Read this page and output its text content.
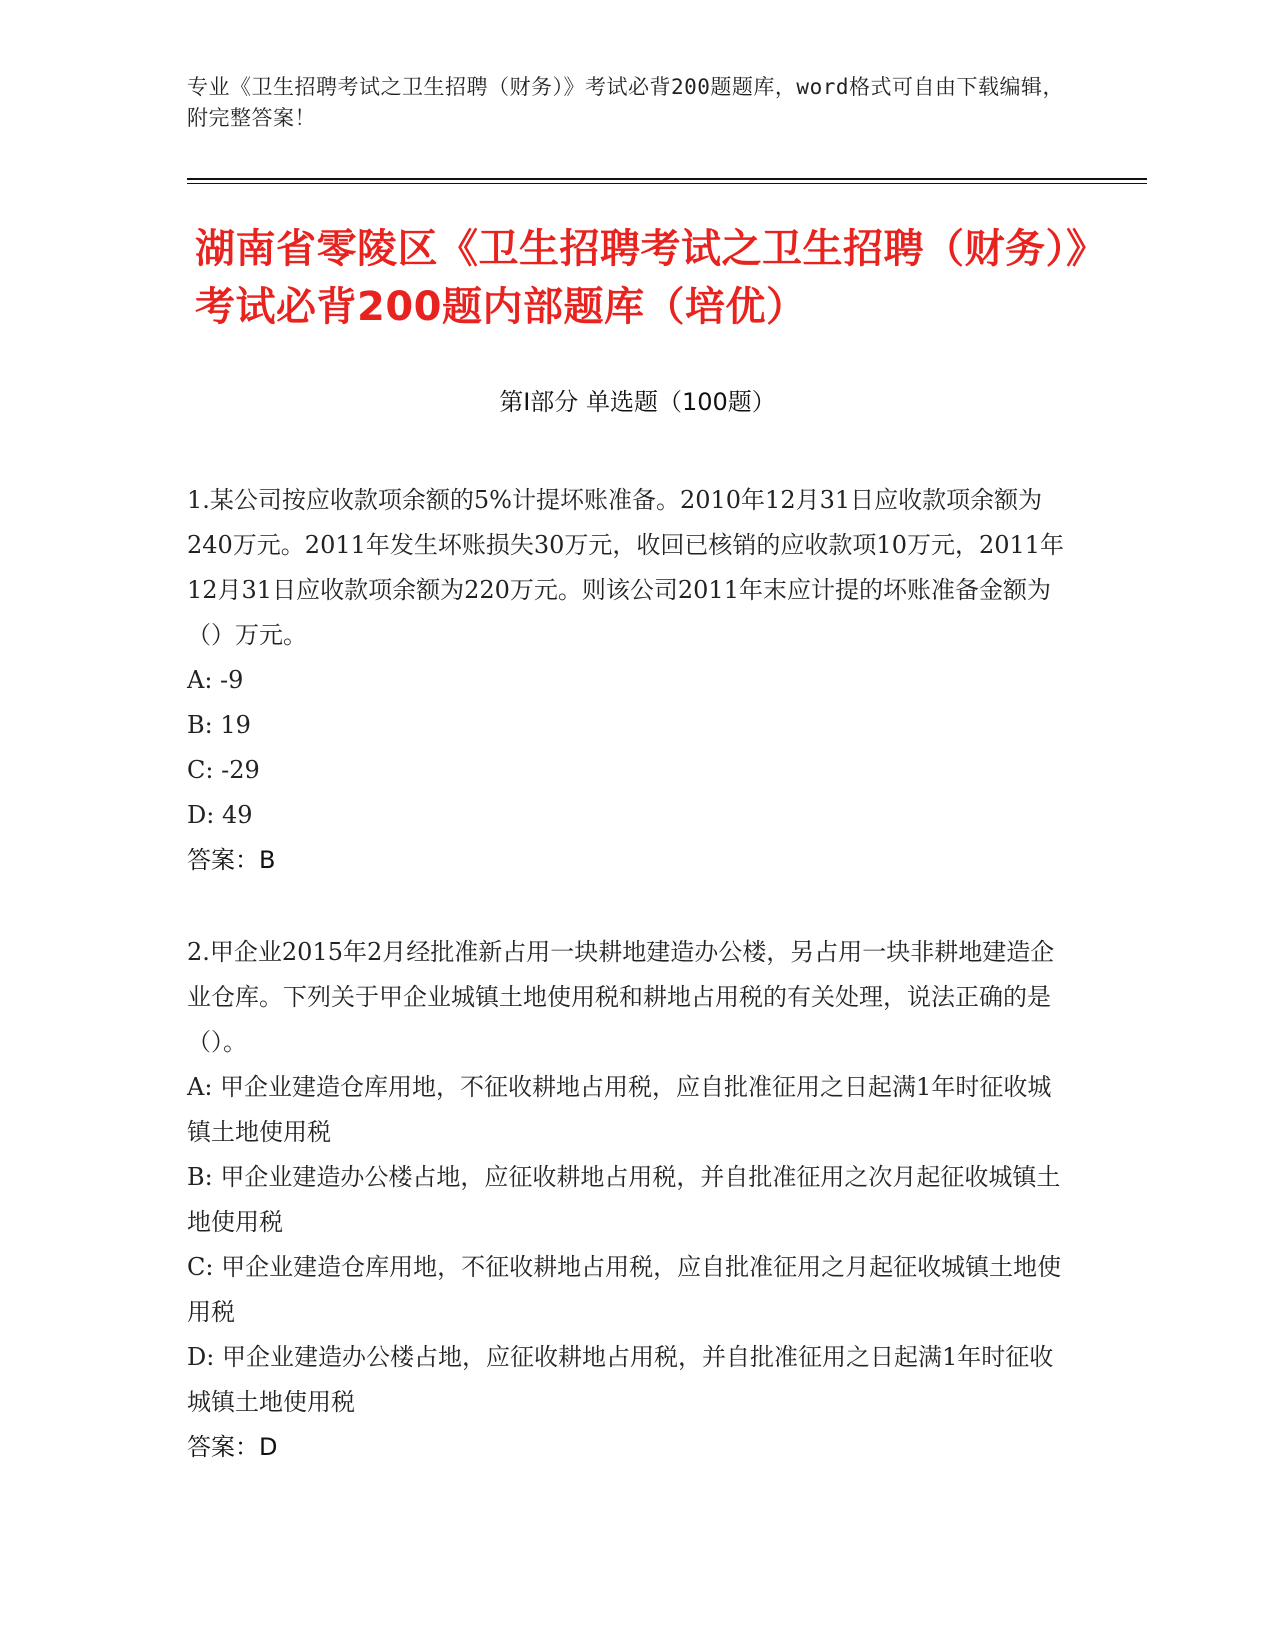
专业《卫生招聘考试之卫生招聘（财务）》考试必背200题题库，word格式可自由下载编辑，附完整答案！
湖南省零陵区《卫生招聘考试之卫生招聘（财务）》考试必背200题内部题库（培优）
第Ⅰ部分 单选题（100题）
1.某公司按应收款项余额的5%计提坏账准备。2010年12月31日应收款项余额为240万元。2011年发生坏账损失30万元，收回已核销的应收款项10万元，2011年12月31日应收款项余额为220万元。则该公司2011年末应计提的坏账准备金额为（）万元。
A: -9
B: 19
C: -29
D: 49
答案：B
2.甲企业2015年2月经批准新占用一块耕地建造办公楼，另占用一块非耕地建造企业仓库。下列关于甲企业城镇土地使用税和耕地占用税的有关处理，说法正确的是（）。
A: 甲企业建造仓库用地，不征收耕地占用税，应自批准征用之日起满1年时征收城镇土地使用税
B: 甲企业建造办公楼占地，应征收耕地占用税，并自批准征用之次月起征收城镇土地使用税
C: 甲企业建造仓库用地，不征收耕地占用税，应自批准征用之月起征收城镇土地使用税
D: 甲企业建造办公楼占地，应征收耕地占用税，并自批准征用之日起满1年时征收城镇土地使用税
答案：D
